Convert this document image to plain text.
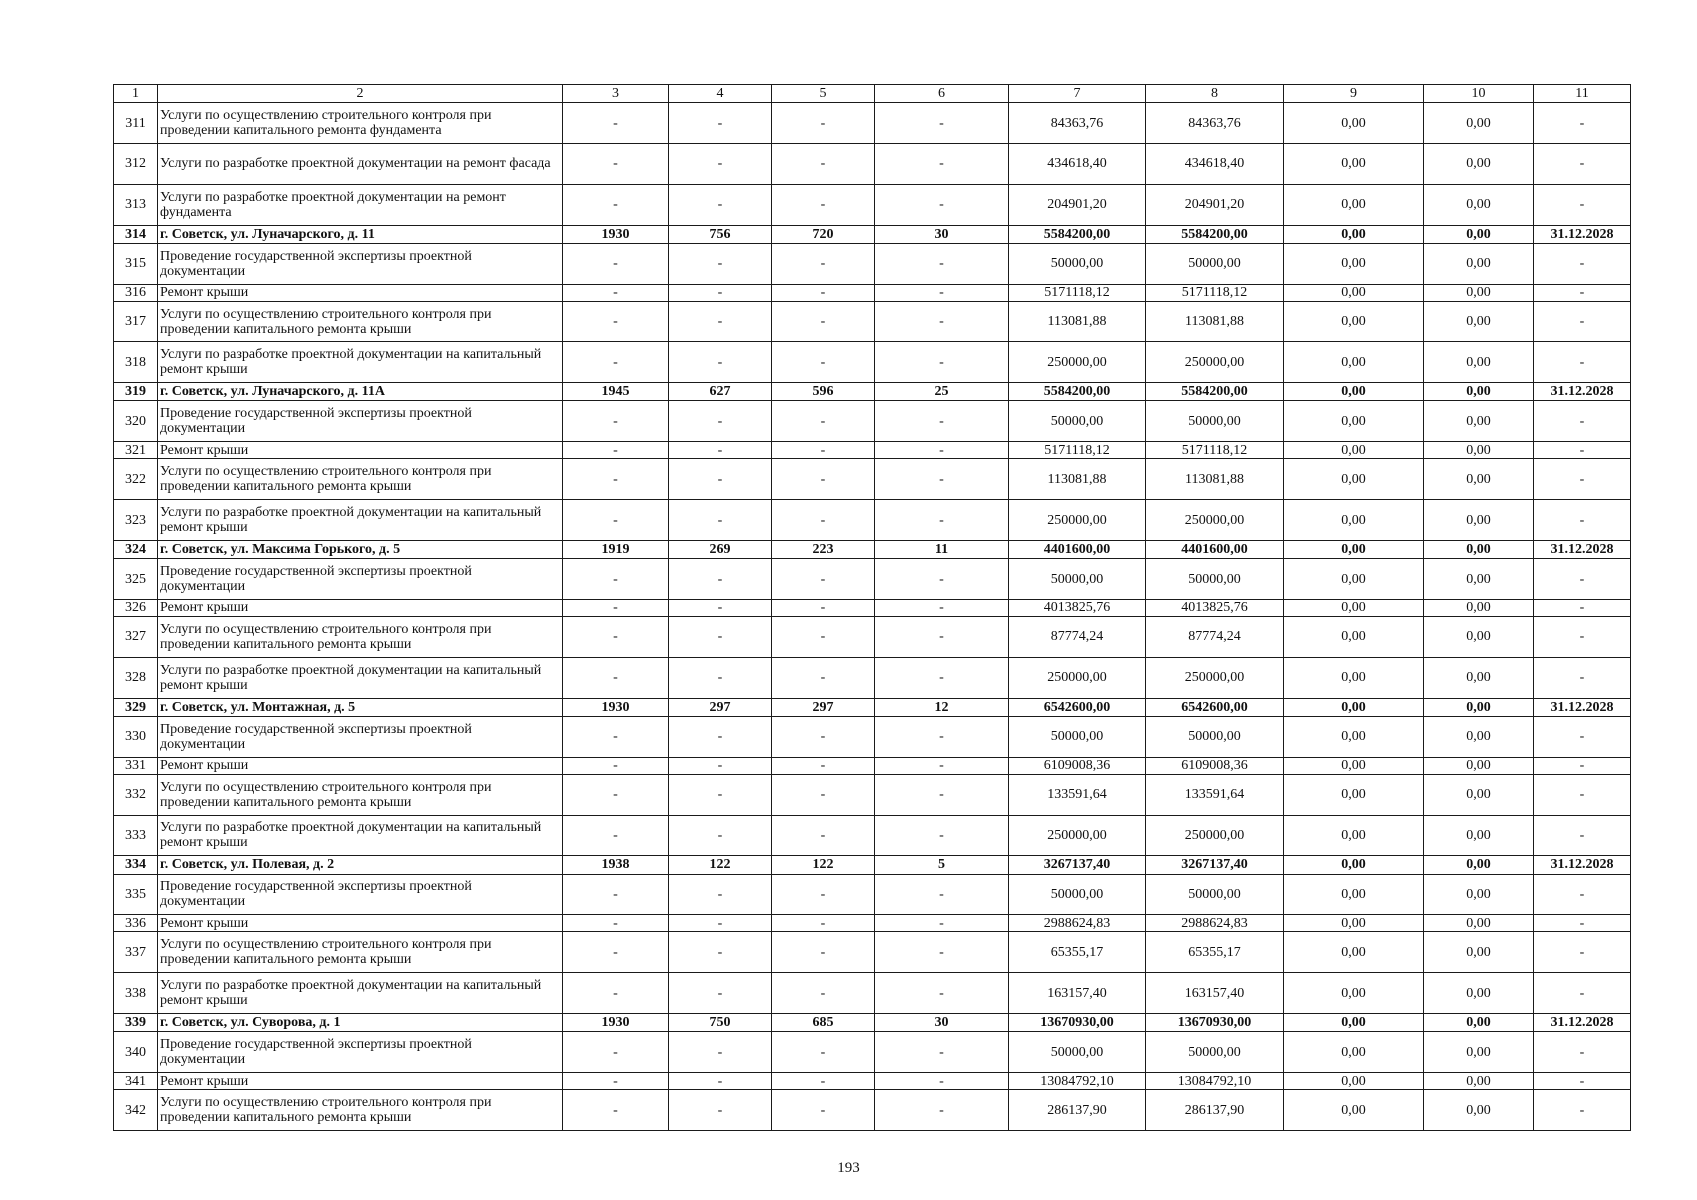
1	2	3	4	5	6	7	8	9	10	11
311	Услуги по осуществлению строительного контроля при проведении капитального ремонта фундамента	-	-	-	-	84363,76	84363,76	0,00	0,00	-
312	Услуги по разработке проектной документации на ремонт фасада	-	-	-	-	434618,40	434618,40	0,00	0,00	-
313	Услуги по разработке проектной документации на ремонт фундамента	-	-	-	-	204901,20	204901,20	0,00	0,00	-
314	г. Советск, ул. Луначарского, д. 11	1930	756	720	30	5584200,00	5584200,00	0,00	0,00	31.12.2028
315	Проведение государственной экспертизы проектной документации	-	-	-	-	50000,00	50000,00	0,00	0,00	-
316	Ремонт крыши	-	-	-	-	5171118,12	5171118,12	0,00	0,00	-
317	Услуги по осуществлению строительного контроля при проведении капитального ремонта крыши	-	-	-	-	113081,88	113081,88	0,00	0,00	-
318	Услуги по разработке проектной документации на капитальный ремонт крыши	-	-	-	-	250000,00	250000,00	0,00	0,00	-
319	г. Советск, ул. Луначарского, д. 11А	1945	627	596	25	5584200,00	5584200,00	0,00	0,00	31.12.2028
320	Проведение государственной экспертизы проектной документации	-	-	-	-	50000,00	50000,00	0,00	0,00	-
321	Ремонт крыши	-	-	-	-	5171118,12	5171118,12	0,00	0,00	-
322	Услуги по осуществлению строительного контроля при проведении капитального ремонта крыши	-	-	-	-	113081,88	113081,88	0,00	0,00	-
323	Услуги по разработке проектной документации на капитальный ремонт крыши	-	-	-	-	250000,00	250000,00	0,00	0,00	-
324	г. Советск, ул. Максима Горького, д. 5	1919	269	223	11	4401600,00	4401600,00	0,00	0,00	31.12.2028
325	Проведение государственной экспертизы проектной документации	-	-	-	-	50000,00	50000,00	0,00	0,00	-
326	Ремонт крыши	-	-	-	-	4013825,76	4013825,76	0,00	0,00	-
327	Услуги по осуществлению строительного контроля при проведении капитального ремонта крыши	-	-	-	-	87774,24	87774,24	0,00	0,00	-
328	Услуги по разработке проектной документации на капитальный ремонт крыши	-	-	-	-	250000,00	250000,00	0,00	0,00	-
329	г. Советск, ул. Монтажная, д. 5	1930	297	297	12	6542600,00	6542600,00	0,00	0,00	31.12.2028
330	Проведение государственной экспертизы проектной документации	-	-	-	-	50000,00	50000,00	0,00	0,00	-
331	Ремонт крыши	-	-	-	-	6109008,36	6109008,36	0,00	0,00	-
332	Услуги по осуществлению строительного контроля при проведении капитального ремонта крыши	-	-	-	-	133591,64	133591,64	0,00	0,00	-
333	Услуги по разработке проектной документации на капитальный ремонт крыши	-	-	-	-	250000,00	250000,00	0,00	0,00	-
334	г. Советск, ул. Полевая, д. 2	1938	122	122	5	3267137,40	3267137,40	0,00	0,00	31.12.2028
335	Проведение государственной экспертизы проектной документации	-	-	-	-	50000,00	50000,00	0,00	0,00	-
336	Ремонт крыши	-	-	-	-	2988624,83	2988624,83	0,00	0,00	-
337	Услуги по осуществлению строительного контроля при проведении капитального ремонта крыши	-	-	-	-	65355,17	65355,17	0,00	0,00	-
338	Услуги по разработке проектной документации на капитальный ремонт крыши	-	-	-	-	163157,40	163157,40	0,00	0,00	-
339	г. Советск, ул. Суворова, д. 1	1930	750	685	30	13670930,00	13670930,00	0,00	0,00	31.12.2028
340	Проведение государственной экспертизы проектной документации	-	-	-	-	50000,00	50000,00	0,00	0,00	-
341	Ремонт крыши	-	-	-	-	13084792,10	13084792,10	0,00	0,00	-
342	Услуги по осуществлению строительного контроля при проведении капитального ремонта крыши	-	-	-	-	286137,90	286137,90	0,00	0,00	-
193
